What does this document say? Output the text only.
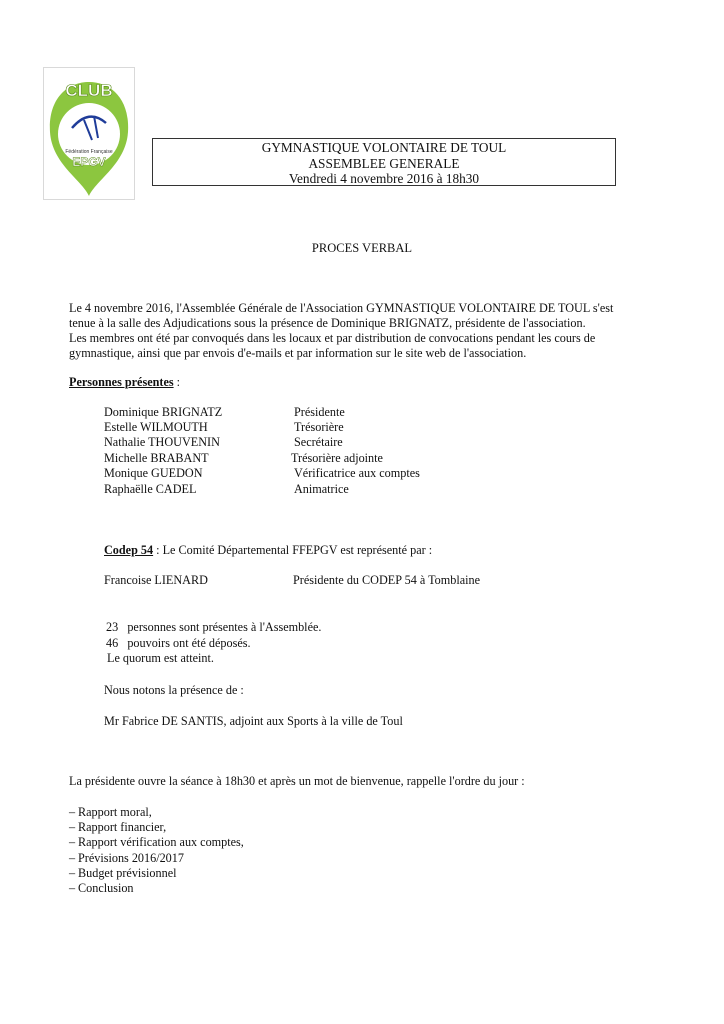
CLUB
Fédération Française
EPGV
GYMNASTIQUE VOLONTAIRE DE TOUL
ASSEMBLEE GENERALE
Vendredi 4 novembre 2016 à 18h30
PROCES VERBAL
Le 4 novembre 2016, l'Assemblée Générale de l'Association GYMNASTIQUE VOLONTAIRE DE TOUL s'est
tenue à la salle des Adjudications sous la présence de Dominique BRIGNATZ, présidente de l'association.
Les membres ont été par convoqués dans les locaux et par distribution de convocations pendant les cours de
gymnastique, ainsi que par envois d'e-mails et par information sur le site web de l'association.
Personnes présentes :
Dominique BRIGNATZ	Présidente
Estelle WILMOUTH	Trésorière
Nathalie THOUVENIN	Secrétaire
Michelle BRABANT	Trésorière adjointe
Monique GUEDON	Vérificatrice aux comptes
Raphaëlle CADEL	Animatrice
Codep 54 : Le Comité Départemental FFEPGV est représenté par :
Francoise LIENARD	Présidente du CODEP 54 à Tomblaine
23   personnes sont présentes à l'Assemblée.
46   pouvoirs ont été déposés.
Le quorum est atteint.
Nous notons la présence de :
Mr Fabrice DE SANTIS, adjoint aux Sports à la ville de Toul
La présidente ouvre la séance à 18h30 et après un mot de bienvenue, rappelle l'ordre du jour :
– Rapport moral,
– Rapport financier,
– Rapport vérification aux comptes,
– Prévisions 2016/2017
– Budget prévisionnel
– Conclusion
